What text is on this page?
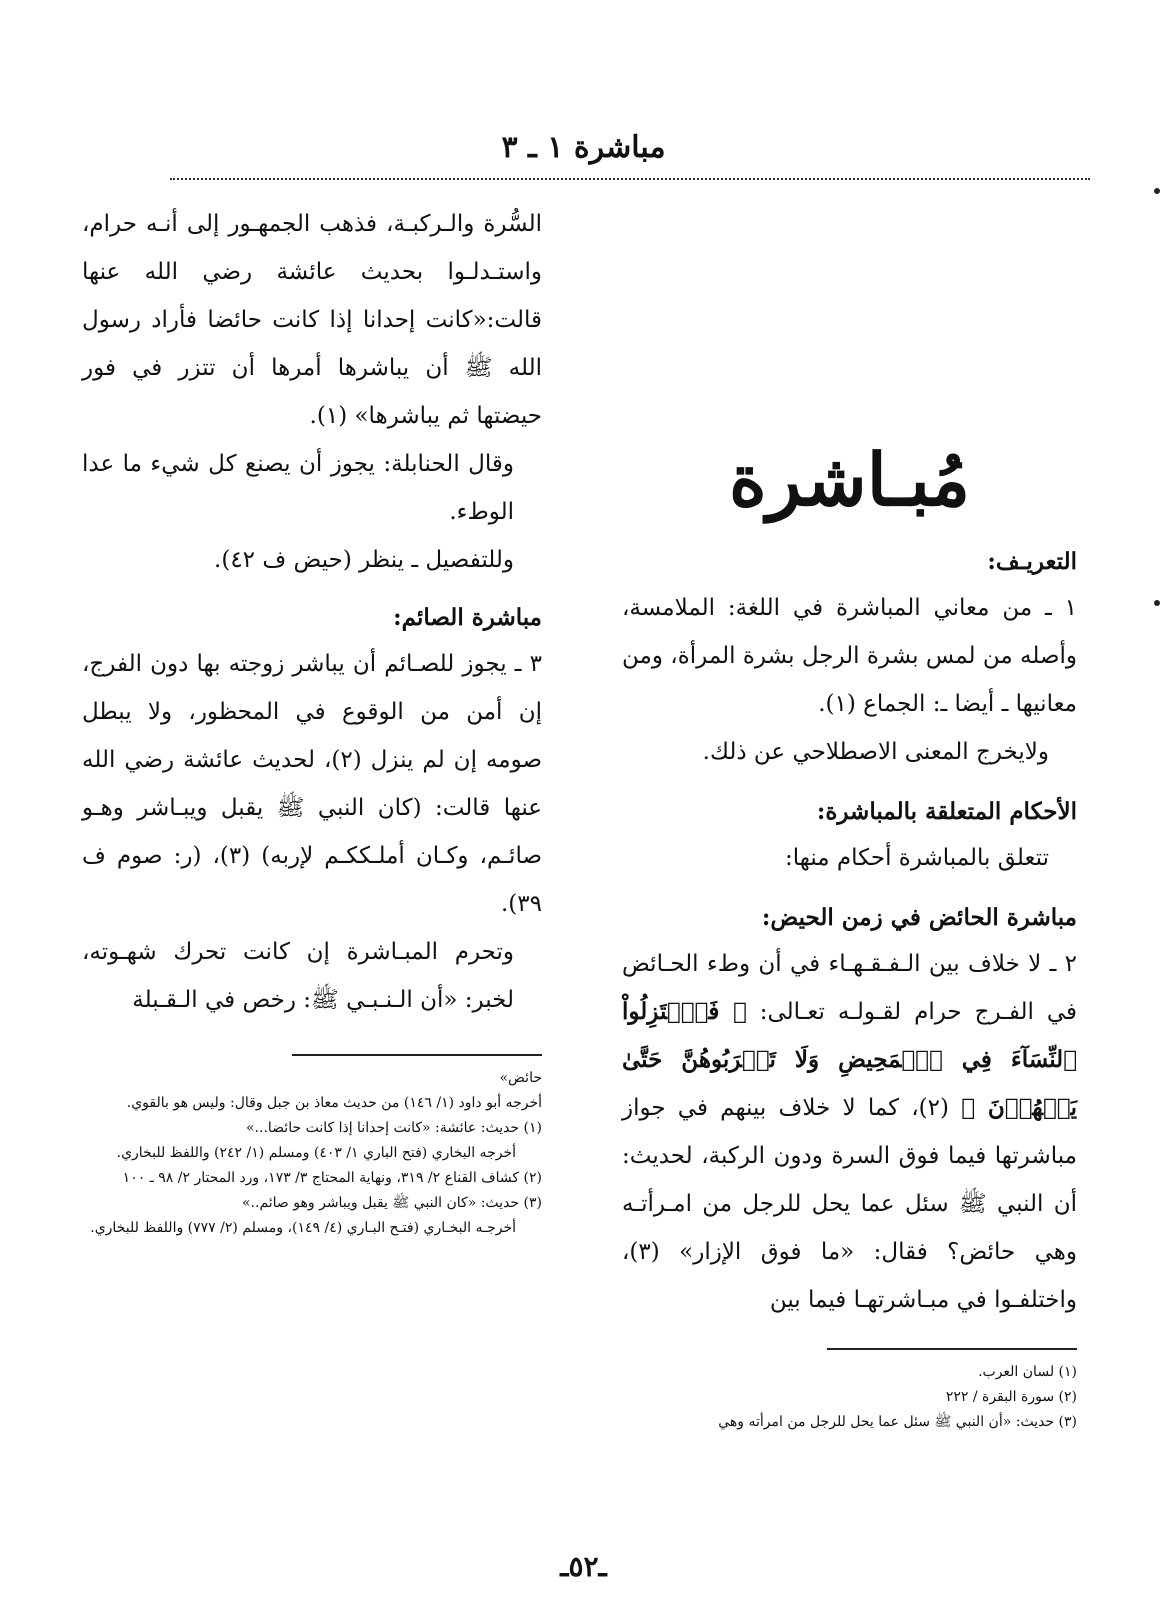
مباشرة ١ ـ ٣
مُبـاشرة
التعريـف:

١ ـ من معاني المباشرة في اللغة: الملامسة، وأصله من لمس بشرة الرجل بشرة المرأة، ومن معانيها ـ أيضا ـ: الجماع (١).

ولايخرج المعنى الاصطلاحي عن ذلك.

الأحكام المتعلقة بالمباشرة:

تتعلق بالمباشرة أحكام منها:

مباشرة الحائض في زمن الحيض:

٢ ـ لا خلاف بين الـفـقـهـاء في أن وطء الحـائض في الفـرج حرام لقـولـه تعـالى: ﴿ فَٱعۡتَزِلُواْ ٱلنِّسَآءَ فِي ٱلۡمَحِيضِ وَلَا تَقۡرَبُوهُنَّ حَتَّىٰ يَطۡهُرۡنَ ﴾ (٢)، كما لا خلاف بينهم في جواز مباشرتها فيما فوق السرة ودون الركبة، لحديث: أن النبي ﷺ سئل عما يحل للرجل من امـرأتـه وهي حائض؟ فقال: «ما فوق الإزار» (٣)، واختلفـوا في مبـاشرتهـا فيما بين

(١) لسان العرب.

(٢) سورة البقرة / ٢٢٢

(٣) حديث: «أن النبي ﷺ سئل عما يحل للرجل من امرأته وهي

السُّرة والـركبـة، فذهب الجمهـور إلى أنـه حرام، واستـدلـوا بحديث عائشة رضي الله عنها قالت:«كانت إحدانا إذا كانت حائضا فأراد رسول الله ﷺ أن يباشرها أمرها أن تتزر في فور حيضتها ثم يباشرها» (١).

وقال الحنابلة: يجوز أن يصنع كل شيء ما عدا الوطء.

وللتفصيل ـ ينظر (حيض ف ٤٢).

مباشرة الصائم:

٣ ـ يجوز للصـائم أن يباشر زوجته بها دون الفرج، إن أمن من الوقوع في المحظور، ولا يبطل صومه إن لم ينزل (٢)، لحديث عائشة رضي الله عنها قالت: (كان النبي ﷺ يقبل ويبـاشر وهـو صائـم، وكـان أملـككـم لإربه) (٣)، (ر: صوم ف ٣٩).

وتحرم المبـاشرة إن كانت تحرك شهـوته، لخبر: «أن الـنـبـي ﷺ: رخص في الـقـبلة

حائض»

أخرجه أبو داود (١/ ١٤٦) من حديث معاذ بن جبل وقال: وليس هو بالقوي.

(١) حديث: عائشة: «كانت إحدانا إذا كانت حائضا...»

أخرجه البخاري (فتح الباري ١/ ٤٠٣) ومسلم (١/ ٢٤٢) واللفظ للبخاري.

(٢) كشاف القناع ٢/ ٣١٩، ونهاية المحتاج ٣/ ١٧٣، ورد المحتار ٢/ ٩٨ ـ ١٠٠

(٣) حديث: «كان النبي ﷺ يقبل ويباشر وهو صائم..»

أخرجـه البخـاري (فتـح البـاري (٤/ ١٤٩)، ومسلم (٢/ ٧٧٧) واللفظ للبخاري.

ـ٥٢ـ
